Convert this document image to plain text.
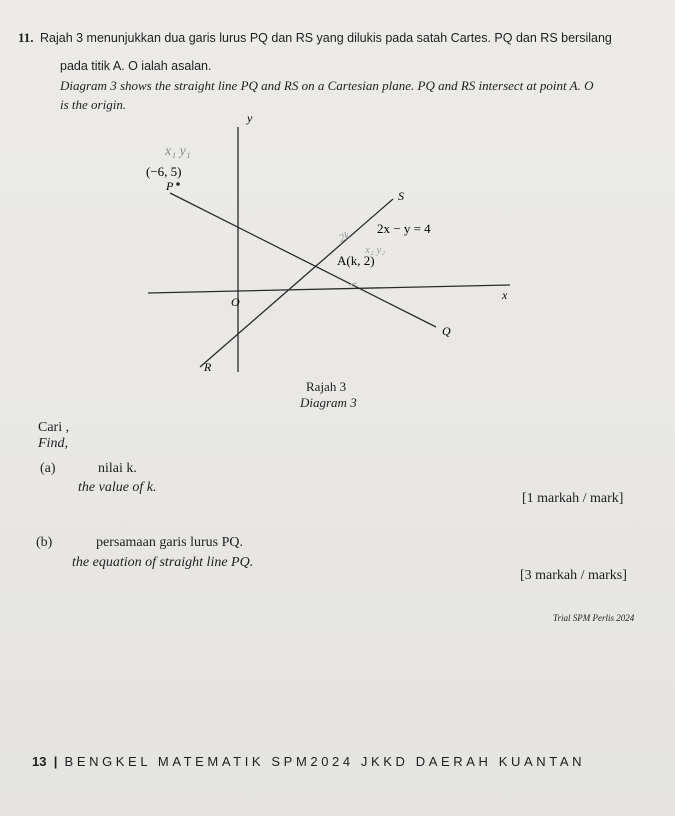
11. Rajah 3 menunjukkan dua garis lurus PQ dan RS yang dilukis pada satah Cartes. PQ dan RS bersilang
pada titik A. O ialah asalan.
Diagram 3 shows the straight line PQ and RS on a Cartesian plane. PQ and RS intersect at point A. O
is the origin.
x₁ y₁
x₂ y₂
2k
y
x
O
(−6, 5)
P
S
Q
R
2x − y = 4
A(k, 2)
Rajah 3
Diagram 3
Cari ,
Find,
(a)	nilai k.
the value of k.
[1 markah / mark]
(b)	persamaan garis lurus PQ.
the equation of straight line PQ.
[3 markah / marks]
Trial SPM Perlis 2024
13 | BENGKEL MATEMATIK SPM2024 JKKD DAERAH KUANTAN
